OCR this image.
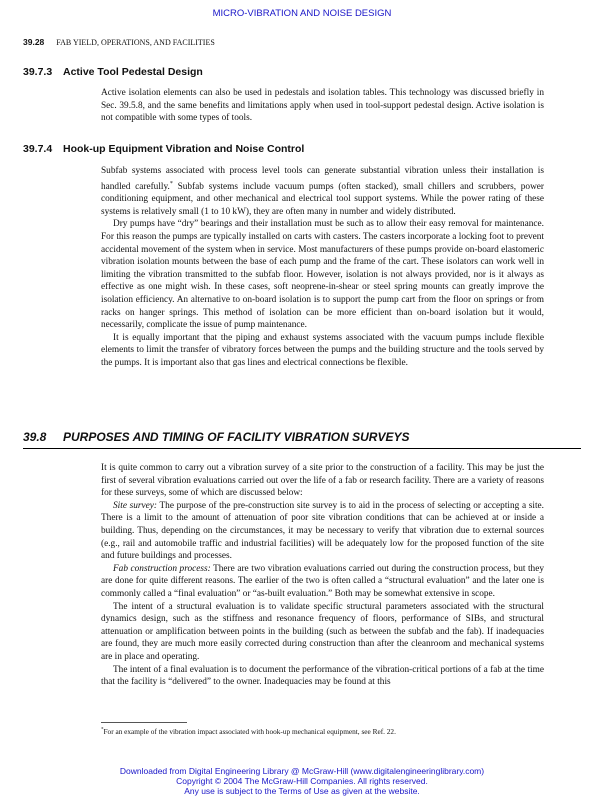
MICRO-VIBRATION AND NOISE DESIGN
39.28 FAB YIELD, OPERATIONS, AND FACILITIES
39.7.3 Active Tool Pedestal Design

Active isolation elements can also be used in pedestals and isolation tables. This technology was discussed briefly in Sec. 39.5.8, and the same benefits and limitations apply when used in tool-support pedestal design. Active isolation is not compatible with some types of tools.

39.7.4 Hook-up Equipment Vibration and Noise Control

Subfab systems associated with process level tools can generate substantial vibration unless their installation is handled carefully.* Subfab systems include vacuum pumps (often stacked), small chillers and scrubbers, power conditioning equipment, and other mechanical and electrical tool support systems. While the power rating of these systems is relatively small (1 to 10 kW), they are often many in number and widely distributed.

Dry pumps have “dry” bearings and their installation must be such as to allow their easy removal for maintenance. For this reason the pumps are typically installed on carts with casters. The casters incorporate a locking foot to prevent accidental movement of the system when in service. Most manufacturers of these pumps provide on-board elastomeric vibration isolation mounts between the base of each pump and the frame of the cart. These isolators can work well in limiting the vibration transmitted to the subfab floor. However, isolation is not always provided, nor is it always as effective as one might wish. In these cases, soft neoprene-in-shear or steel spring mounts can greatly improve the isolation efficiency. An alternative to on-board isolation is to support the pump cart from the floor on springs or from racks on hanger springs. This method of isolation can be more efficient than on-board isolation but it would, necessarily, complicate the issue of pump maintenance.

It is equally important that the piping and exhaust systems associated with the vacuum pumps include flexible elements to limit the transfer of vibratory forces between the pumps and the building structure and the tools served by the pumps. It is important also that gas lines and electrical connections be flexible.

39.8 PURPOSES AND TIMING OF FACILITY VIBRATION SURVEYS

It is quite common to carry out a vibration survey of a site prior to the construction of a facility. This may be just the first of several vibration evaluations carried out over the life of a fab or research facility. There are a variety of reasons for these surveys, some of which are discussed below:

Site survey: The purpose of the pre-construction site survey is to aid in the process of selecting or accepting a site. There is a limit to the amount of attenuation of poor site vibration conditions that can be achieved at or inside a building. Thus, depending on the circumstances, it may be necessary to verify that vibration due to external sources (e.g., rail and automobile traffic and industrial facilities) will be adequately low for the proposed function of the site and future buildings and processes.

Fab construction process: There are two vibration evaluations carried out during the construction process, but they are done for quite different reasons. The earlier of the two is often called a “structural evaluation” and the later one is commonly called a “final evaluation” or “as-built evaluation.” Both may be somewhat extensive in scope.

The intent of a structural evaluation is to validate specific structural parameters associated with the structural dynamics design, such as the stiffness and resonance frequency of floors, performance of SIBs, and structural attenuation or amplification between points in the building (such as between the subfab and the fab). If inadequacies are found, they are much more easily corrected during construction than after the cleanroom and mechanical systems are in place and operating.

The intent of a final evaluation is to document the performance of the vibration-critical portions of a fab at the time that the facility is “delivered” to the owner. Inadequacies may be found at this

*For an example of the vibration impact associated with hook-up mechanical equipment, see Ref. 22.
Downloaded from Digital Engineering Library @ McGraw-Hill (www.digitalengineeringlibrary.com)
Copyright © 2004 The McGraw-Hill Companies. All rights reserved.
Any use is subject to the Terms of Use as given at the website.
